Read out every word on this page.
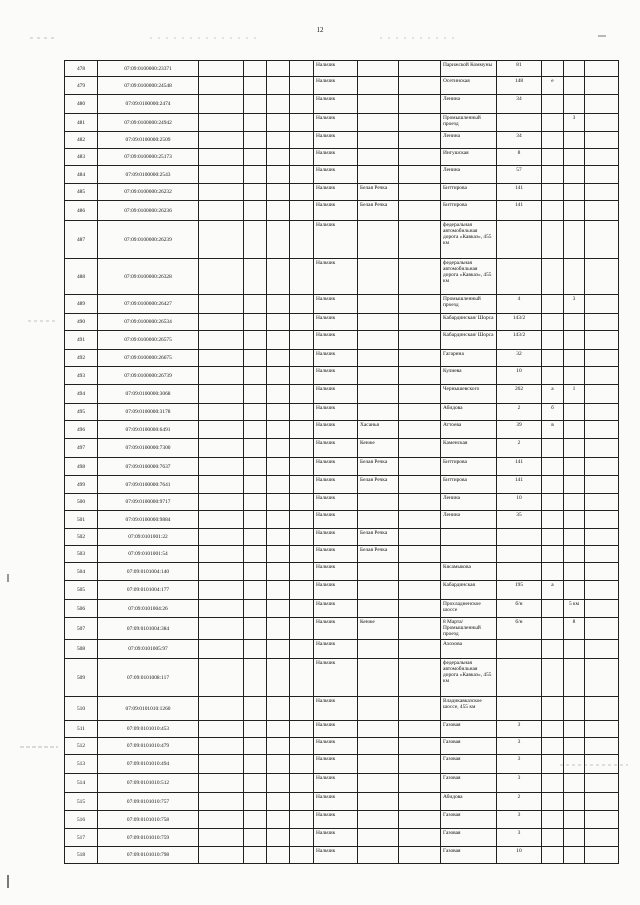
12
478	07:09:0100000:23371					Нальчик			Парижской Коммуны	81			
479	07:09:0100000:24548					Нальчик			Осетинская	148	е		
480	07:09:0100000:2474					Нальчик			Ленина	34			
481	07:09:0100000:24942					Нальчик			Промышленный проезд			3	
482	07:09:0100000:2509					Нальчик			Ленина	34			
483	07:09:0100000:25173					Нальчик			Ингушская	8			
484	07:09:0100000:2543					Нальчик			Ленина	57			
485	07:09:0100000:26232					Нальчик	Белая Речка		Биттирова	141			
486	07:09:0100000:26236					Нальчик	Белая Речка		Биттирова	141			
487	07:09:0100000:26239					Нальчик			федеральная автомобильная дорога «Кавказ», 455 км				
488	07:09:0100000:26328					Нальчик			федеральная автомобильная дорога «Кавказ», 455 км				
489	07:09:0100000:26427					Нальчик			Промышленный проезд	4		3	
490	07:09:0100000:26534					Нальчик			Кабардинская/ Шорса	143/2			
491	07:09:0100000:26575					Нальчик			Кабардинская/ Шорса	143/2			
492	07:09:0100000:26675					Нальчик			Гагарина	32			
493	07:09:0100000:26739					Нальчик			Кулиева	10			
494	07:09:0100000:3068					Нальчик			Чернышевского	262	а	1	
495	07:09:0100000:3178					Нальчик			Абидова	2	б		
496	07:09:0100000:6491					Нальчик	Хасанья		Аттоева	39	в		
497	07:09:0100000:7300					Нальчик	Кенже		Каменская	2			
498	07:09:0100000:7637					Нальчик	Белая Речка		Биттирова	141			
499	07:09:0100000:7641					Нальчик	Белая Речка		Биттирова	141			
500	07:09:0100000:9717					Нальчик			Ленина	10			
501	07:09:0100000:9884					Нальчик			Ленина	35			
502	07:09:0101001:22					Нальчик	Белая Речка						
503	07:09:0101001:54					Нальчик	Белая Речка						
504	07:09:0101004:140					Нальчик			Кясамыкова				
505	07:09:0101004:177					Нальчик			Кабардинская	195	а		
506	07:09:0101004:26					Нальчик			Прохладненское шоссе	б/н		5 км	
507	07:09:0101004:384					Нальчик	Кенже		8 Марта/ Промышленный проезд	б/н		8	
508	07:09:0101005:97					Нальчик			Ахохова				
509	07:09:0101008:117					Нальчик			федеральная автомобильная дорога «Кавказ», 455 км				
510	07:09:0101010:1260					Нальчик			Владикавказское шоссе, 455 км				
511	07:09:0101010:453					Нальчик			Газовая	3			
512	07:09:0101010:479					Нальчик			Газовая	3			
513	07:09:0101010:494					Нальчик			Газовая	3			
514	07:09:0101010:512					Нальчик			Газовая	3			
515	07:09:0101010:757					Нальчик			Абидова	2			
516	07:09:0101010:758					Нальчик			Газовая	3			
517	07:09:0101010:759					Нальчик			Газовая	3			
518	07:09:0101010:798					Нальчик			Газовая	10			
